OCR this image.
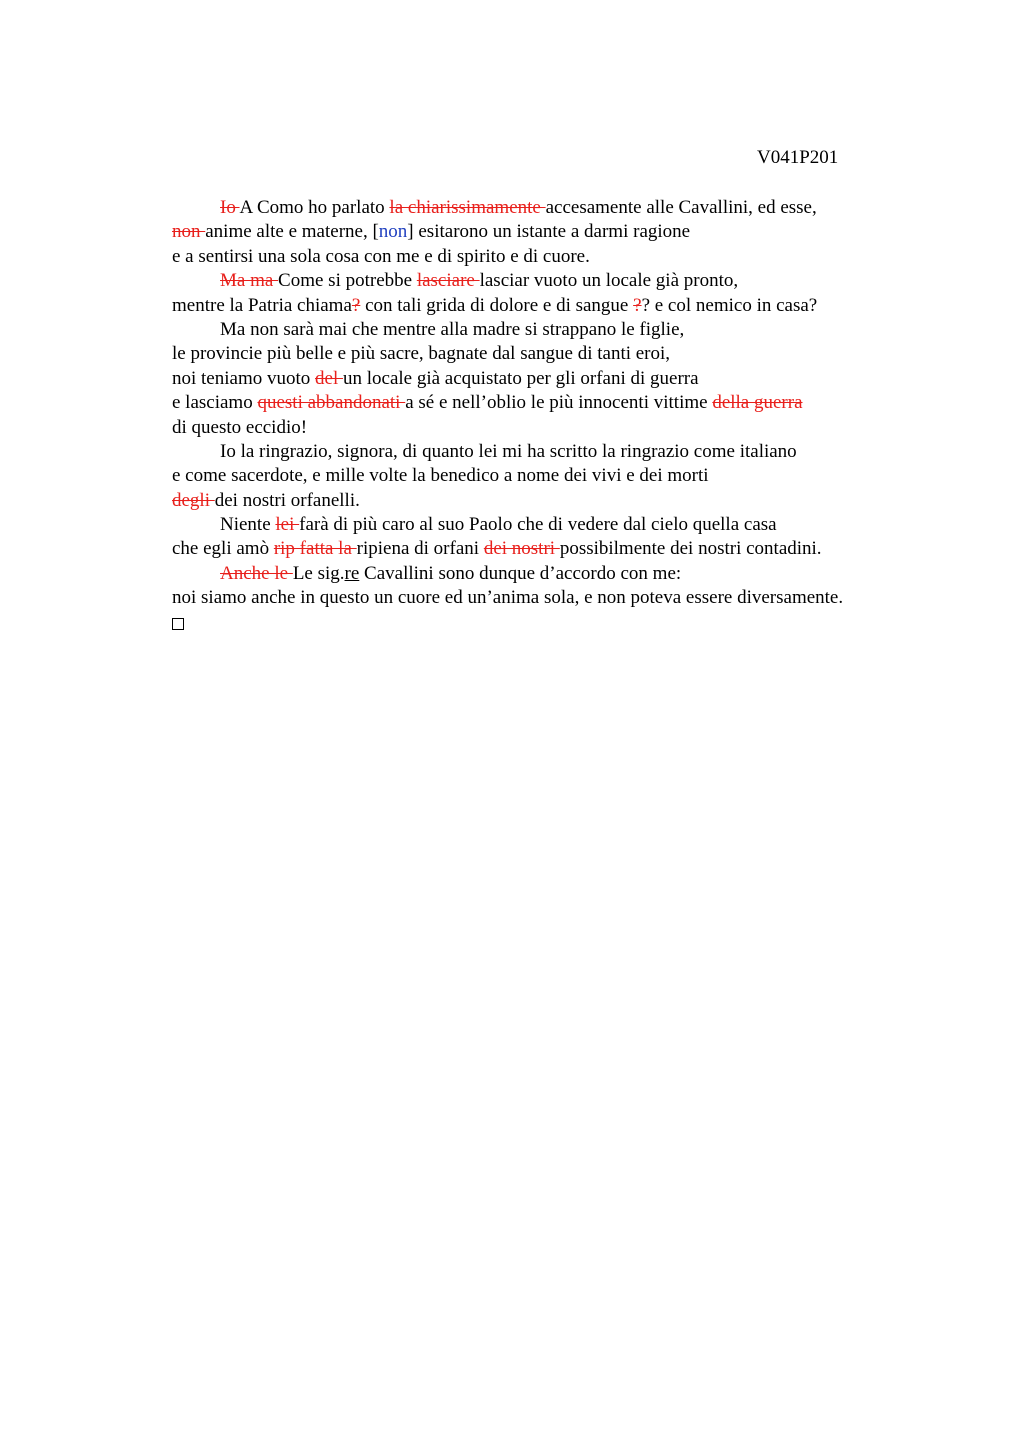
V041P201
Io A Como ho parlato la chiarissimamente accesamente alle Cavallini, ed esse,
non anime alte e materne, [non] esitarono un istante a darmi ragione
e a sentirsi una sola cosa con me e di spirito e di cuore.
Ma ma Come si potrebbe lasciare lasciar vuoto un locale già pronto,
mentre la Patria chiama? con tali grida di dolore e di sangue ?? e col nemico in casa?
Ma non sarà mai che mentre alla madre si strappano le figlie,
le provincie più belle e più sacre, bagnate dal sangue di tanti eroi,
noi teniamo vuoto del un locale già acquistato per gli orfani di guerra
e lasciamo questi abbandonati a sé e nell’oblio le più innocenti vittime della guerra
di questo eccidio!
Io la ringrazio, signora, di quanto lei mi ha scritto la ringrazio come italiano
e come sacerdote, e mille volte la benedico a nome dei vivi e dei morti
degli dei nostri orfanelli.
Niente lei farà di più caro al suo Paolo che di vedere dal cielo quella casa
che egli amò rip fatta la ripiena di orfani dei nostri possibilmente dei nostri contadini.
Anche le Le sig.re Cavallini sono dunque d’accordo con me:
noi siamo anche in questo un cuore ed un’anima sola, e non poteva essere diversamente.
